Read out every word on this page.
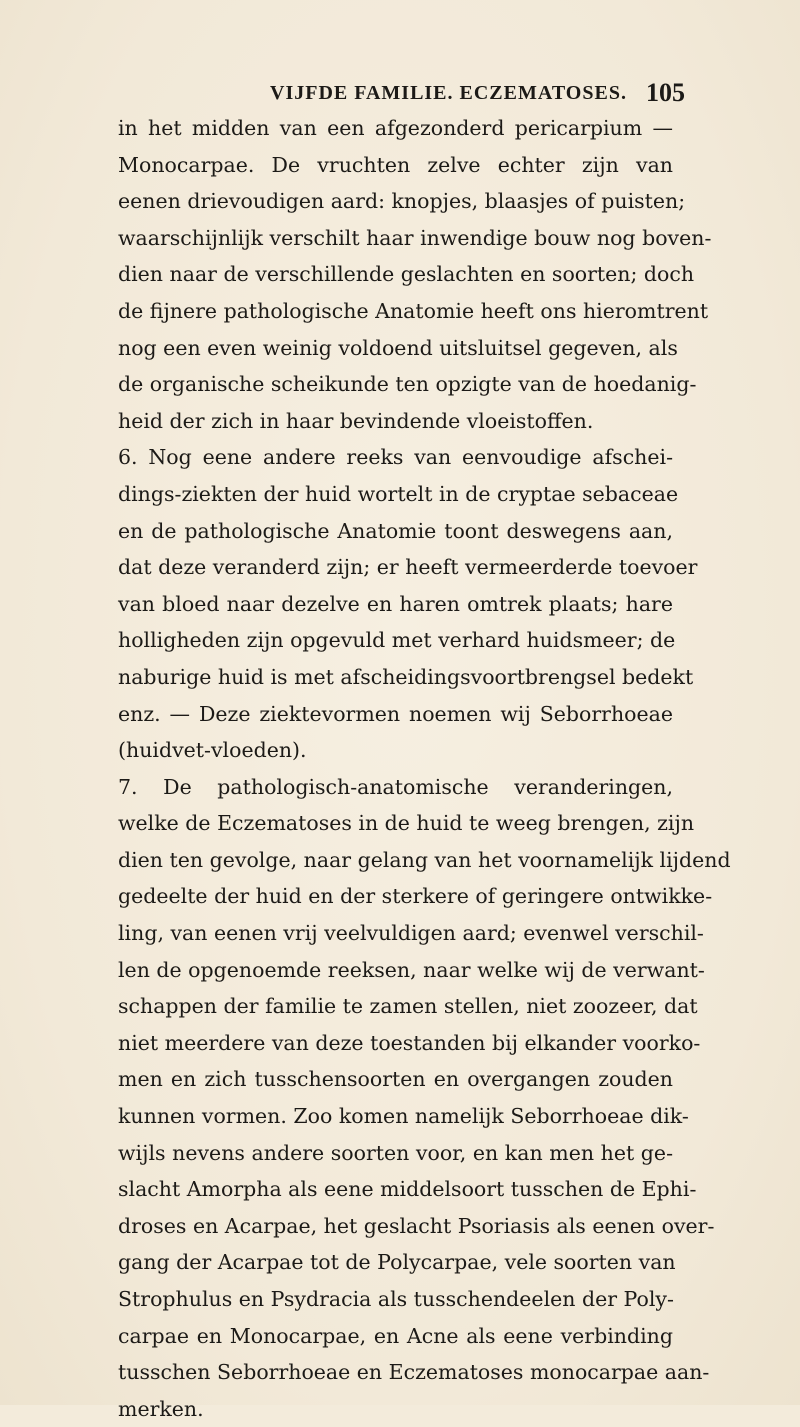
VIJFDE FAMILIE. ECZEMATOSES. 105
in het midden van een afgezonderd pericarpium —
Monocarpae. De vruchten zelve echter zijn van
eenen drievoudigen aard: knopjes, blaasjes of puisten;
waarschijnlijk verschilt haar inwendige bouw nog boven-
dien naar de verschillende geslachten en soorten; doch
de fijnere pathologische Anatomie heeft ons hieromtrent
nog een even weinig voldoend uitsluitsel gegeven, als
de organische scheikunde ten opzigte van de hoedanig-
heid der zich in haar bevindende vloeistoffen.
6. Nog eene andere reeks van eenvoudige afschei-
dings-ziekten der huid wortelt in de cryptae sebaceae
en de pathologische Anatomie toont deswegens aan,
dat deze veranderd zijn; er heeft vermeerderde toevoer
van bloed naar dezelve en haren omtrek plaats; hare
holligheden zijn opgevuld met verhard huidsmeer; de
naburige huid is met afscheidingsvoortbrengsel bedekt
enz. — Deze ziektevormen noemen wij Seborrhoeae
(huidvet-vloeden).
7. De pathologisch-anatomische veranderingen,
welke de Eczematoses in de huid te weeg brengen, zijn
dien ten gevolge, naar gelang van het voornamelijk lijdend
gedeelte der huid en der sterkere of geringere ontwikke-
ling, van eenen vrij veelvuldigen aard; evenwel verschil-
len de opgenoemde reeksen, naar welke wij de verwant-
schappen der familie te zamen stellen, niet zoozeer, dat
niet meerdere van deze toestanden bij elkander voorko-
men en zich tusschensoorten en overgangen zouden
kunnen vormen. Zoo komen namelijk Seborrhoeae dik-
wijls nevens andere soorten voor, en kan men het ge-
slacht Amorpha als eene middelsoort tusschen de Ephi-
droses en Acarpae, het geslacht Psoriasis als eenen over-
gang der Acarpae tot de Polycarpae, vele soorten van
Strophulus en Psydracia als tusschendeelen der Poly-
carpae en Monocarpae, en Acne als eene verbinding
tusschen Seborrhoeae en Eczematoses monocarpae aan-
merken.
